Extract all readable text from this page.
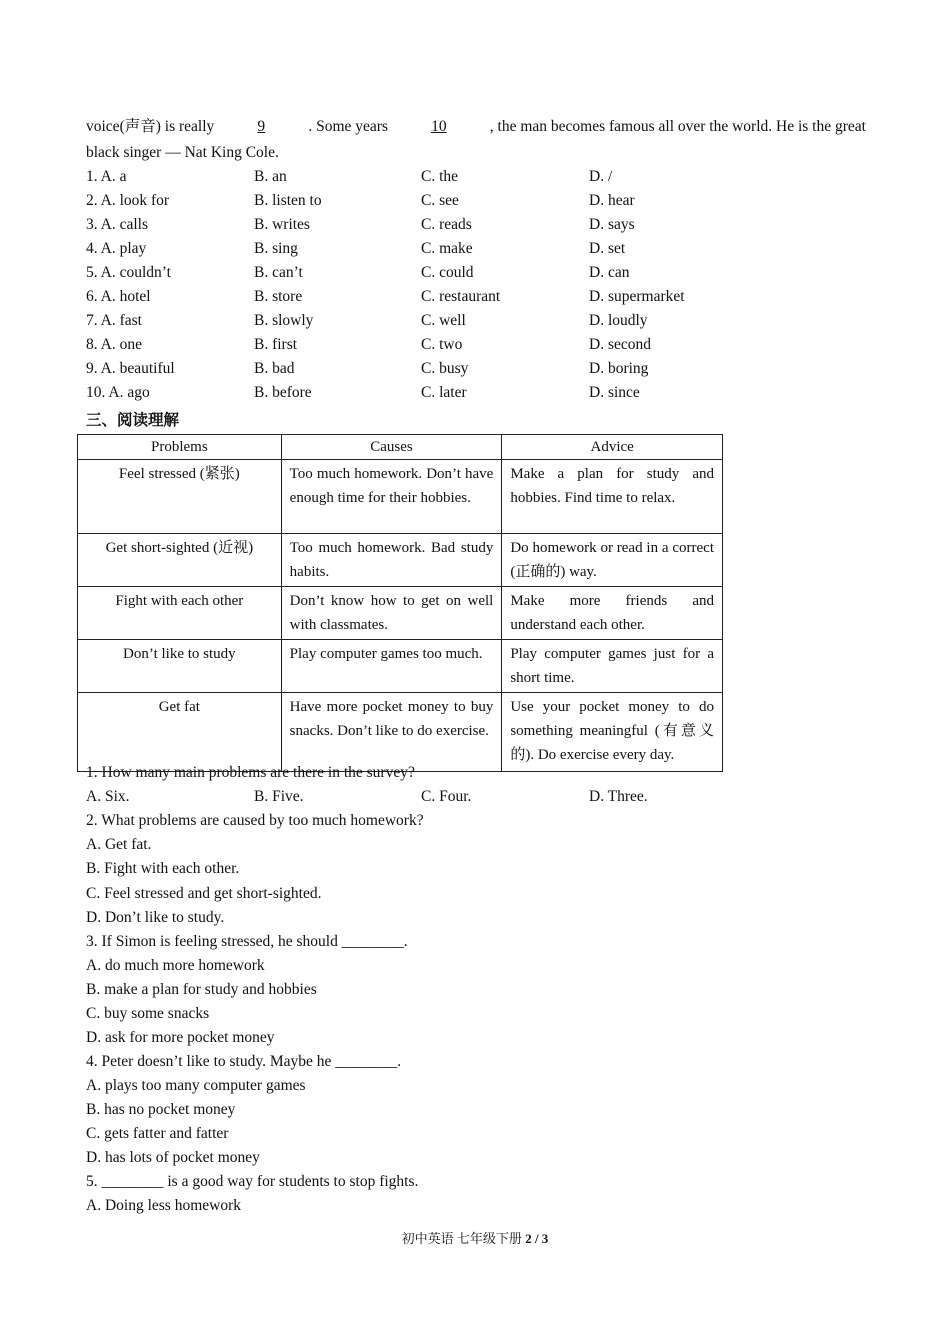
voice(声音) is really	9	. Some years	10	, the man becomes famous all over the world. He is the great
black singer — Nat King Cole.
1. A. a	B. an	C. the	D. /
2. A. look for	B. listen to	C. see	D. hear
3. A. calls	B. writes	C. reads	D. says
4. A. play	B. sing	C. make	D. set
5. A. couldn’t	B. can’t	C. could	D. can
6. A. hotel	B. store	C. restaurant	D. supermarket
7. A. fast	B. slowly	C. well	D. loudly
8. A. one	B. first	C. two	D. second
9. A. beautiful	B. bad	C. busy	D. boring
10. A. ago	B. before	C. later	D. since
三、阅读理解
Problems	Causes	Advice
Feel stressed (紧张)	Too much homework. Don’t have enough time for their hobbies.	Make a plan for study and hobbies. Find time to relax.
Get short-sighted (近视)	Too much homework. Bad study habits.	Do homework or read in a correct (正确的) way.
Fight with each other	Don’t know how to get on well with classmates.	Make more friends and understand each other.
Don’t like to study	Play computer games too much.	Play computer games just for a short time.
Get fat	Have more pocket money to buy snacks. Don’t like to do exercise.	Use your pocket money to do something meaningful (有意义的). Do exercise every day.
1. How many main problems are there in the survey?
A. Six.	B. Five.	C. Four.	D. Three.
2. What problems are caused by too much homework?
A. Get fat.
B. Fight with each other.
C. Feel stressed and get short-sighted.
D. Don’t like to study.
3. If Simon is feeling stressed, he should ________.
A. do much more homework
B. make a plan for study and hobbies
C. buy some snacks
D. ask for more pocket money
4. Peter doesn’t like to study. Maybe he ________.
A. plays too many computer games
B. has no pocket money
C. gets fatter and fatter
D. has lots of pocket money
5. ________ is a good way for students to stop fights.
A. Doing less homework
初中英语 七年级下册 2 / 3
